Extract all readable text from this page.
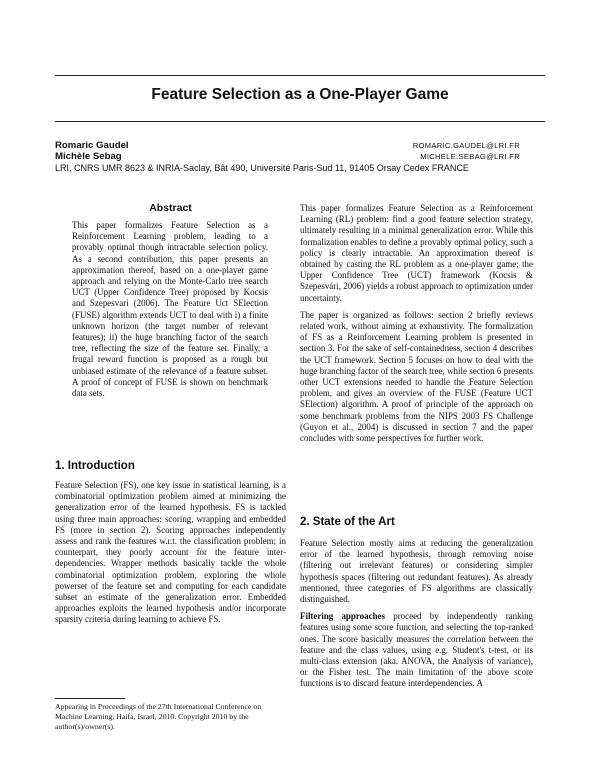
Feature Selection as a One-Player Game
Romaric Gaudel	ROMARIC.GAUDEL@LRI.FR
Michèle Sebag	MICHELE.SEBAG@LRI.FR
LRI, CNRS UMR 8623 & INRIA-Saclay, Bât 490, Université Paris-Sud 11, 91405 Orsay Cedex FRANCE
Abstract

This paper formalizes Feature Selection as a Reinforcement Learning problem, leading to a provably optimal though intractable selection policy. As a second contribution, this paper presents an approximation thereof, based on a one-player game approach and relying on the Monte-Carlo tree search UCT (Upper Confidence Tree) proposed by Kocsis and Szepesvari (2006). The Feature Uct SElection (FUSE) algorithm extends UCT to deal with i) a finite unknown horizon (the target number of relevant features); ii) the huge branching factor of the search tree, reflecting the size of the feature set. Finally, a frugal reward function is proposed as a rough but unbiased estimate of the relevance of a feature subset. A proof of concept of FUSE is shown on benchmark data sets.

1. Introduction

Feature Selection (FS), one key issue in statistical learning, is a combinatorial optimization problem aimed at minimizing the generalization error of the learned hypothesis. FS is tackled using three main approaches: scoring, wrapping and embedded FS (more in section 2). Scoring approaches independently assess and rank the features w.r.t. the classification problem; in counterpart, they poorly account for the feature inter-dependencies. Wrapper methods basically tackle the whole combinatorial optimization problem, exploring the whole powerset of the feature set and computing for each candidate subset an estimate of the generalization error. Embedded approaches exploits the learned hypothesis and/or incorporate sparsity criteria during learning to achieve FS.

Appearing in Proceedings of the 27th International Conference on Machine Learning, Haifa, Israel, 2010. Copyright 2010 by the author(s)/owner(s).

This paper formalizes Feature Selection as a Reinforcement Learning (RL) problem: find a good feature selection strategy, ultimately resulting in a minimal generalization error. While this formalization enables to define a provably optimal policy, such a policy is clearly intractable. An approximation thereof is obtained by casting the RL problem as a one-player game; the Upper Confidence Tree (UCT) framework (Kocsis & Szepesvári, 2006) yields a robust approach to optimization under uncertainty.

The paper is organized as follows: section 2 briefly reviews related work, without aiming at exhaustivity. The formalization of FS as a Reinforcement Learning problem is presented in section 3. For the sake of self-containedness, section 4 describes the UCT framework. Section 5 focuses on how to deal with the huge branching factor of the search tree, while section 6 presents other UCT extensions needed to handle the Feature Selection problem, and gives an overview of the FUSE (Feature UCT SElection) algorithm. A proof of principle of the approach on some benchmark problems from the NIPS 2003 FS Challenge (Guyon et al., 2004) is discussed in section 7 and the paper concludes with some perspectives for further work.

2. State of the Art

Feature Selection mostly aims at reducing the generalization error of the learned hypothesis, through removing noise (filtering out irrelevant features) or considering simpler hypothesis spaces (filtering out redundant features). As already mentioned, three categories of FS algorithms are classically distinguished.

Filtering approaches proceed by independently ranking features using some score function, and selecting the top-ranked ones. The score basically measures the correlation between the feature and the class values, using e.g. Student's t-test, or its multi-class extension (aka. ANOVA, the Analysis of variance), or the Fisher test. The main limitation of the above score functions is to discard feature interdependencies. A
